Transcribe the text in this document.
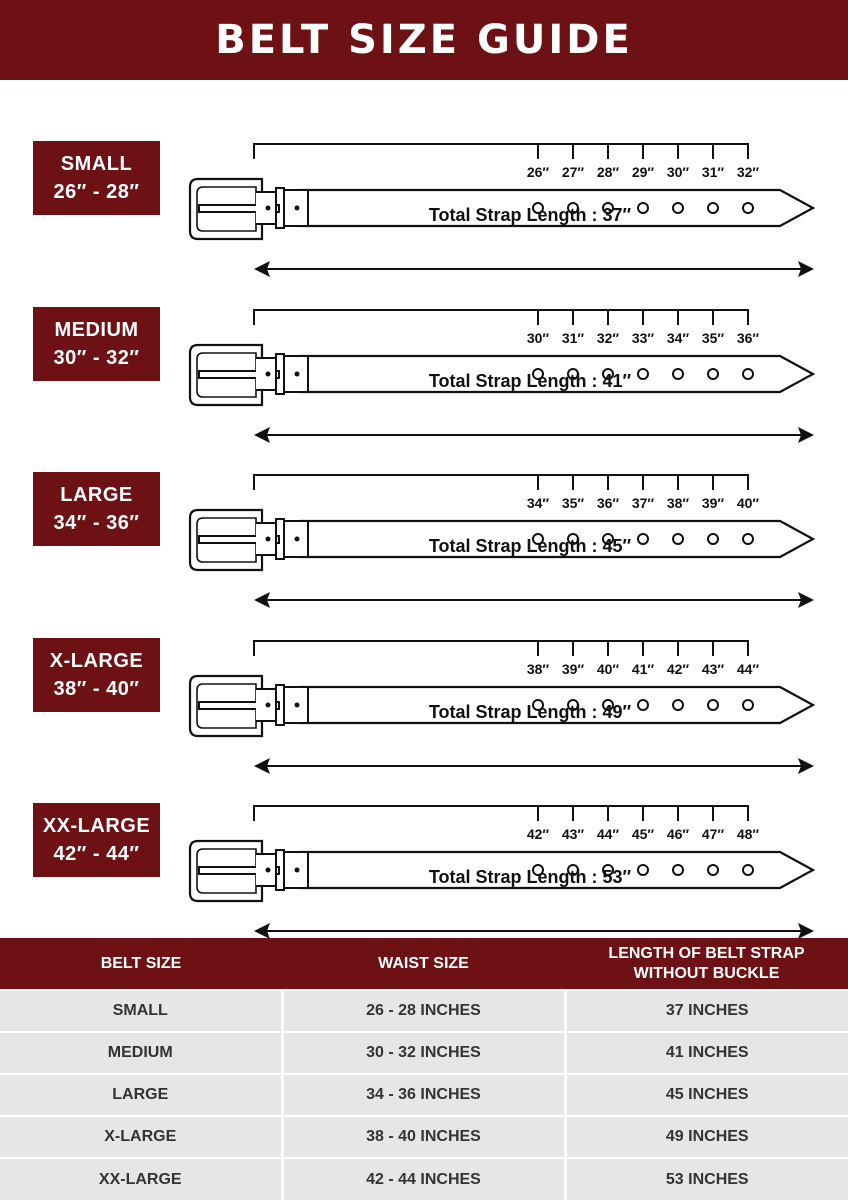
BELT SIZE GUIDE
SMALL
26″ - 28″
26″ 27″ 28″ 29″ 30″ 31″ 32″
Total Strap Length : 37″
MEDIUM
30″ - 32″
30″ 31″ 32″ 33″ 34″ 35″ 36″
Total Strap Length : 41″
LARGE
34″ - 36″
34″ 35″ 36″ 37″ 38″ 39″ 40″
Total Strap Length : 45″
X-LARGE
38″ - 40″
38″ 39″ 40″ 41″ 42″ 43″ 44″
Total Strap Length : 49″
XX-LARGE
42″ - 44″
42″ 43″ 44″ 45″ 46″ 47″ 48″
Total Strap Length : 53″
BELT SIZE	WAIST SIZE	LENGTH OF BELT STRAP WITHOUT BUCKLE
SMALL	26 - 28 INCHES	37 INCHES
MEDIUM	30 - 32 INCHES	41 INCHES
LARGE	34 - 36 INCHES	45 INCHES
X-LARGE	38 - 40 INCHES	49 INCHES
XX-LARGE	42 - 44 INCHES	53 INCHES
